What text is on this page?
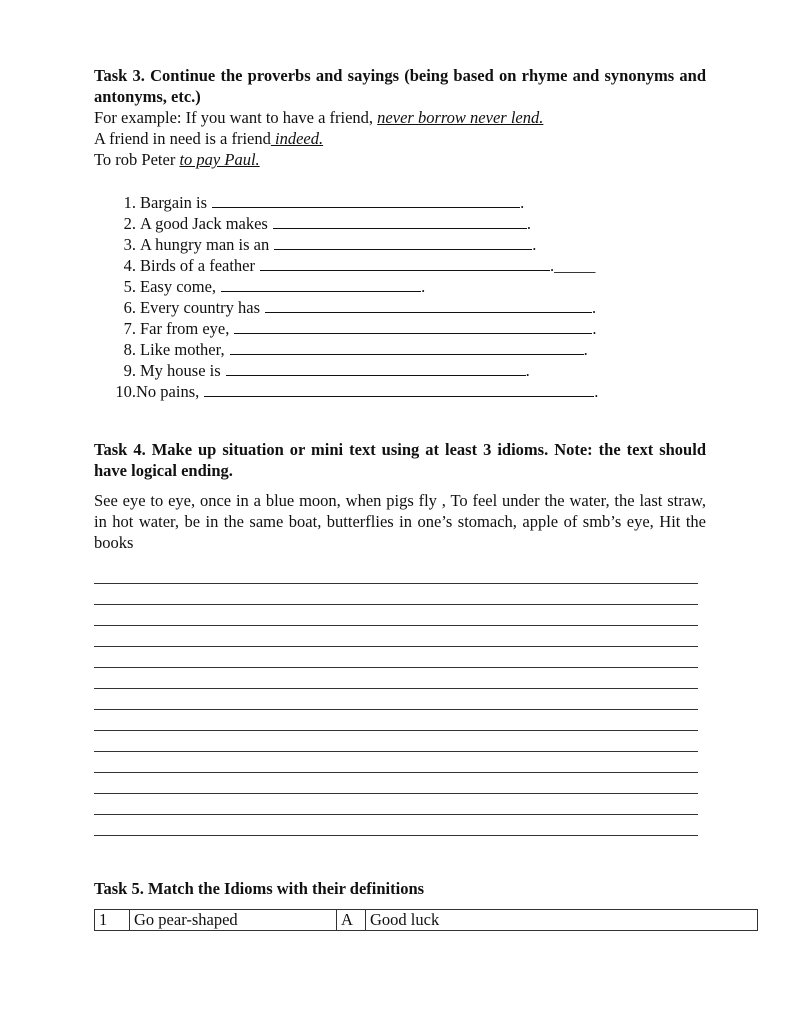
Task 3. Continue the proverbs and sayings (being based on rhyme and synonyms and antonyms, etc.)

For example: If you want to have a friend, never borrow never lend.

A friend in need is a friend indeed.

To rob Peter to pay Paul.

1. Bargain is	.
2. A good Jack makes	.
3. A hungry man is an	.
4. Birds of a feather	._____
5. Easy come,	.
6. Every country has	.
7. Far from eye,	.
8. Like mother,	.
9. My house is	.
10. No pains,	.

Task 4. Make up situation or mini text using at least 3 idioms. Note: the text should have logical ending.

See eye to eye, once in a blue moon, when pigs fly , To feel under the water, the last straw, in hot water, be in the same boat, butterflies in one’s stomach, apple of smb’s eye, Hit the books

Task 5. Match the Idioms with their definitions

1	Go pear-shaped	A	Good luck
